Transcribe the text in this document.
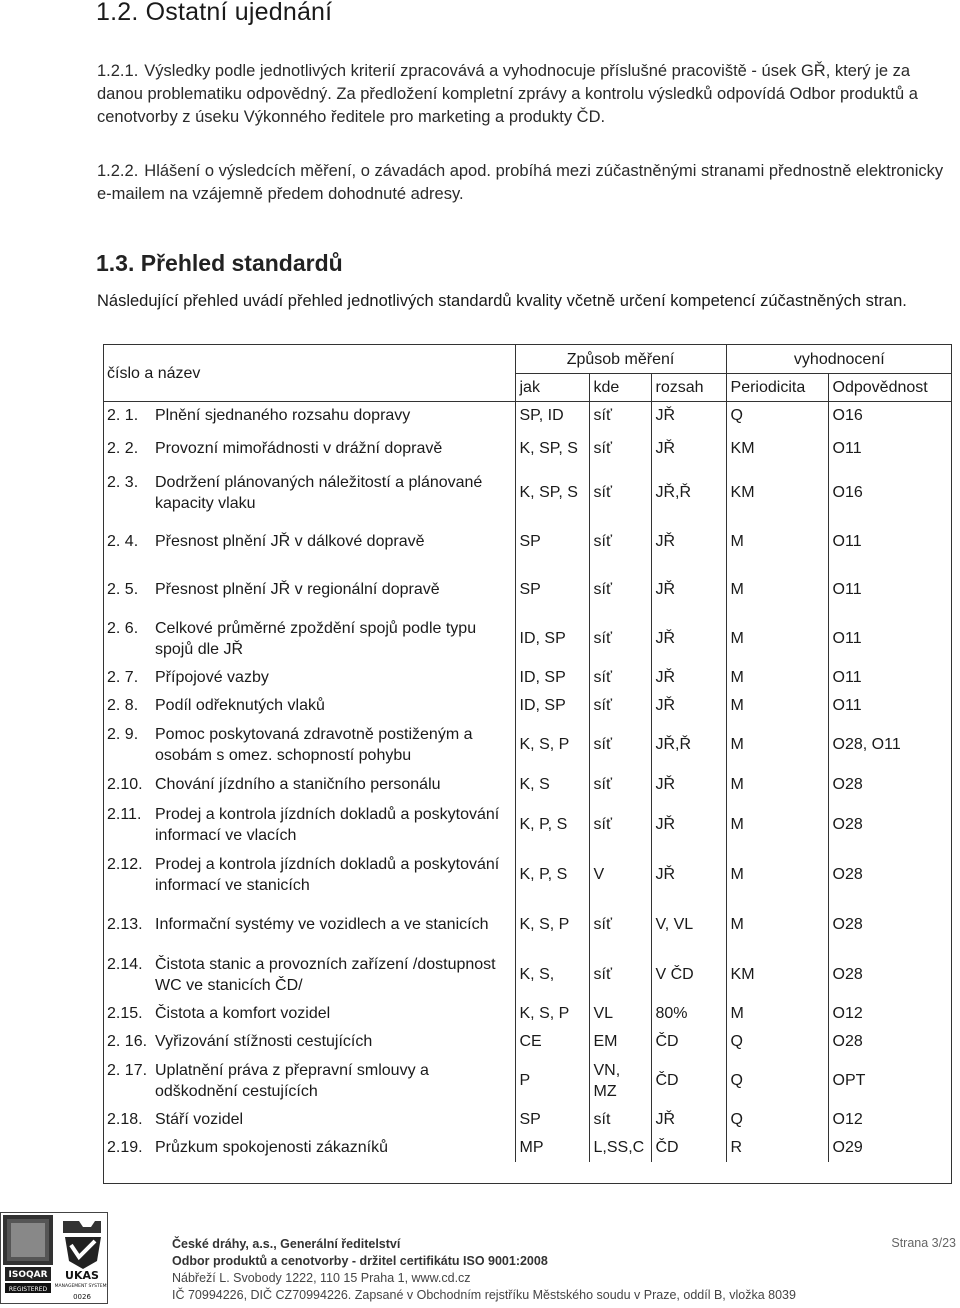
1.2. Ostatní ujednání
1.2.1. Výsledky podle jednotlivých kriterií zpracovává a vyhodnocuje příslušné pracoviště - úsek GŘ, který je za danou problematiku odpovědný. Za předložení kompletní zprávy a kontrolu výsledků odpovídá Odbor produktů a cenotvorby z úseku Výkonného ředitele pro marketing a produkty ČD.
1.2.2. Hlášení o výsledcích měření, o závadách apod. probíhá mezi zúčastněnými stranami přednostně elektronicky e-mailem na vzájemně předem dohodnuté adresy.
1.3. Přehled standardů
Následující přehled uvádí přehled jednotlivých standardů kvality včetně určení kompetencí zúčastněných stran.
číslo a název	Způsob měření			vyhodnocení	
	jak	kde	rozsah	Periodicita	Odpovědnost

2. 1. Plnění sjednaného rozsahu dopravy	SP, ID	síť	JŘ	Q	O16

2. 2. Provozní mimořádnosti v drážní dopravě	K, SP, S	síť	JŘ	KM	O11

2. 3. Dodržení plánovaných náležitostí a plánované kapacity vlaku	K, SP, S	síť	JŘ,Ř	KM	O16

2. 4. Přesnost plnění JŘ v dálkové dopravě	SP	síť	JŘ	M	O11

2. 5. Přesnost plnění JŘ v regionální dopravě	SP	síť	JŘ	M	O11

2. 6. Celkové průměrné zpoždění spojů podle typu spojů dle JŘ	ID, SP	síť	JŘ	M	O11

2. 7. Přípojové vazby	ID, SP	síť	JŘ	M	O11

2. 8. Podíl odřeknutých vlaků	ID, SP	síť	JŘ	M	O11

2. 9. Pomoc poskytovaná zdravotně postiženým a osobám s omez. schopností pohybu	K, S, P	síť	JŘ,Ř	M	O28, O11

2.10. Chování jízdního a staničního personálu	K, S	síť	JŘ	M	O28

2.11. Prodej a kontrola jízdních dokladů a poskytování informací ve vlacích	K, P, S	síť	JŘ	M	O28

2.12. Prodej a kontrola jízdních dokladů a poskytování informací ve stanicích	K, P, S	V	JŘ	M	O28

2.13. Informační systémy ve vozidlech a ve stanicích	K, S, P	síť	V, VL	M	O28

2.14. Čistota stanic a provozních zařízení /dostupnost WC ve stanicích ČD/	K, S,	síť	V ČD	KM	O28

2.15. Čistota a komfort vozidel	K, S, P	VL	80%	M	O12

2. 16. Vyřizování stížnosti cestujících	CE	EM	ČD	Q	O28

2. 17. Uplatnění práva z přepravní smlouvy a odškodnění cestujících	P	VN, MZ	ČD	Q	OPT

2.18. Stáří vozidel	SP	sít	JŘ	Q	O12

2.19. Průzkum spokojenosti zákazníků	MP	L,SS,C	ČD	R	O29
ISOQAR
REGISTERED
UKAS
MANAGEMENT SYSTEMS
0026
České dráhy, a.s., Generální ředitelství
Odbor produktů a cenotvorby - držitel certifikátu ISO 9001:2008
Nábřeží L. Svobody 1222, 110 15 Praha 1, www.cd.cz
IČ 70994226, DIČ CZ70994226. Zapsané v Obchodním rejstříku Městského soudu v Praze, oddíl B, vložka 8039
Strana 3/23
